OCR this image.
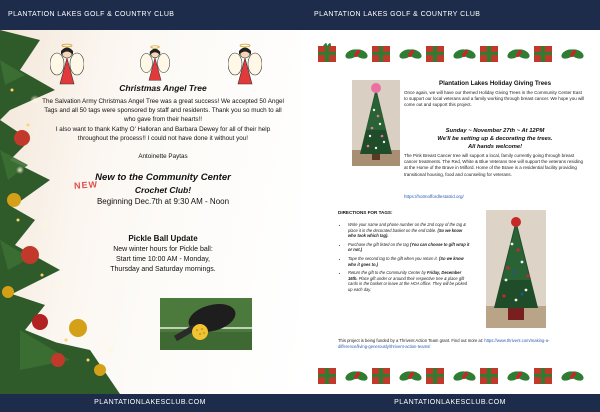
PLANTATION LAKES GOLF & COUNTRY CLUB
Christmas Angel Tree
The Salvation Army Christmas Angel Tree was a great success! We accepted 50 Angel Tags and all 50 tags were sponsored by staff and residents. Thank you so much to all who gave from their hearts!!
I also want to thank Kathy O' Halloran and Barbara Dewey for all of their help throughout the process!! I could not have done it without you!
Antoinette Paytas
NEW
New to the Community Center
Crochet Club!
Beginning Dec.7th at 9:30 AM - Noon
Pickle Ball Update
New winter hours for Pickle ball:
Start time 10:00 AM - Monday,
Thursday and Saturday mornings.
PLANTATIONLAKESCLUB.COM
PLANTATION LAKES GOLF & COUNTRY CLUB
Plantation Lakes Holiday Giving Trees
Once again, we will have our themed Holiday Giving Trees in the Community Center East to support our local veterans and a family working through breast cancer. We hope you will come out and support this project.
Sunday ~ November 27th ~ At 12PM
We'll be setting up & decorating the trees.
All hands welcome!
The Pink Breast Cancer tree will support a local, family currently going through breast cancer treatments. The Red, White & Blue Veterans tree will support the veterans residing at the Home of the Brave in Milford. Home of the Brave is a residential facility providing transitional housing, food and counseling for veterans.
https://hotmoffordlestatrid.org/
DIRECTIONS FOR TAGS:
• Write your name and phone number on the 2nd copy of the tag & place it in the decorated basket on the end table. (So we know who took which tag).
• Purchase the gift listed on the tag (You can choose to gift wrap it or not.)
• Tape the second tag to the gift when you return it. (So we know who it goes to.)
• Return the gift to the Community Center by Friday, December 16th. Place gift under or around their respective tree & place gift cards in the basket or leave at the HOA office. They will be picked up each day.
This project is being funded by a Thrivent Action Team grant. Find out more at: https://www.thrivent.com/making-a-difference/living-generously/thrivent-action-teams/
PLANTATIONLAKESCLUB.COM
